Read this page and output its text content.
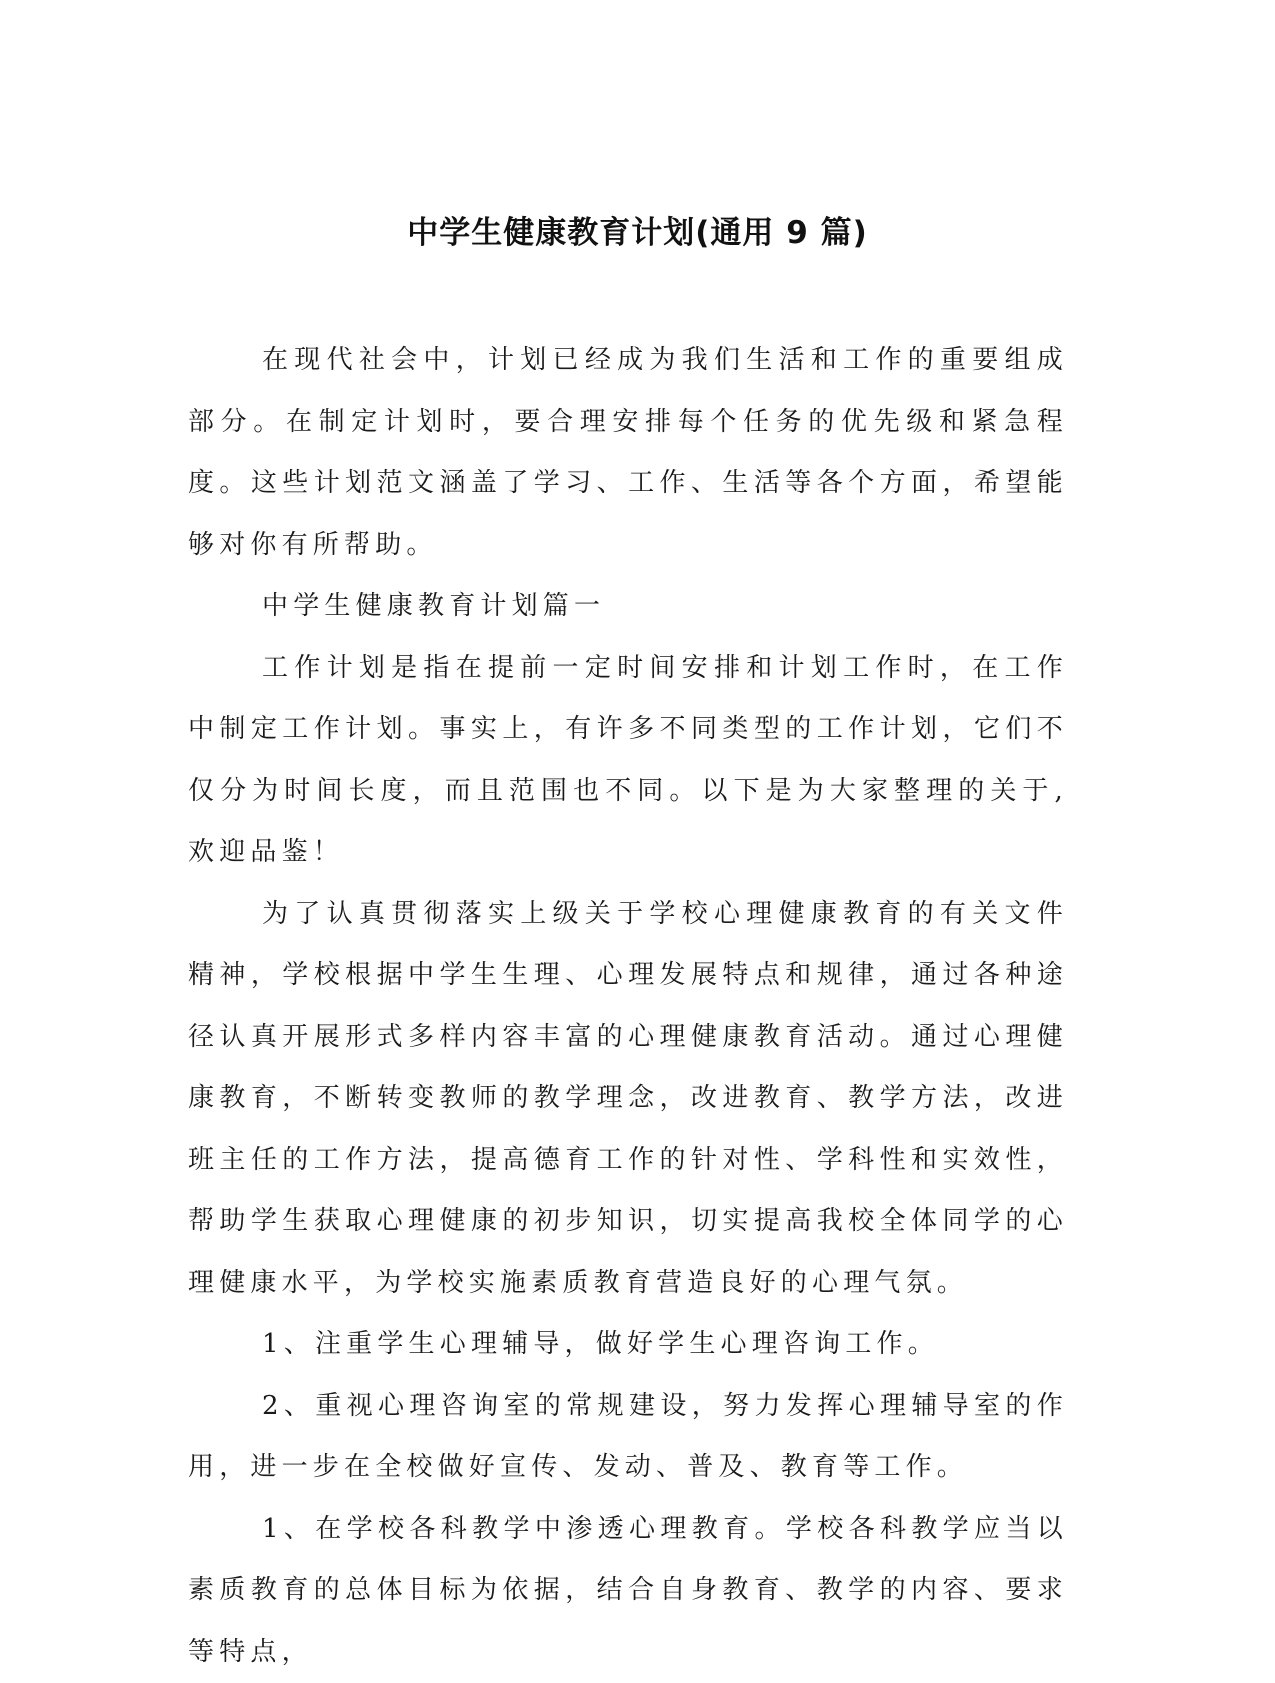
中学生健康教育计划(通用 9 篇)

在现代社会中，计划已经成为我们生活和工作的重要组成部分。在制定计划时，要合理安排每个任务的优先级和紧急程度。这些计划范文涵盖了学习、工作、生活等各个方面，希望能够对你有所帮助。

中学生健康教育计划篇一

工作计划是指在提前一定时间安排和计划工作时，在工作中制定工作计划。事实上，有许多不同类型的工作计划，它们不仅分为时间长度，而且范围也不同。以下是为大家整理的关于,欢迎品鉴！

为了认真贯彻落实上级关于学校心理健康教育的有关文件精神，学校根据中学生生理、心理发展特点和规律，通过各种途径认真开展形式多样内容丰富的心理健康教育活动。通过心理健康教育，不断转变教师的教学理念，改进教育、教学方法，改进班主任的工作方法，提高德育工作的针对性、学科性和实效性，帮助学生获取心理健康的初步知识，切实提高我校全体同学的心理健康水平，为学校实施素质教育营造良好的心理气氛。

1、注重学生心理辅导，做好学生心理咨询工作。

2、重视心理咨询室的常规建设，努力发挥心理辅导室的作用，进一步在全校做好宣传、发动、普及、教育等工作。

1、在学校各科教学中渗透心理教育。学校各科教学应当以素质教育的总体目标为依据，结合自身教育、教学的内容、要求等特点，
